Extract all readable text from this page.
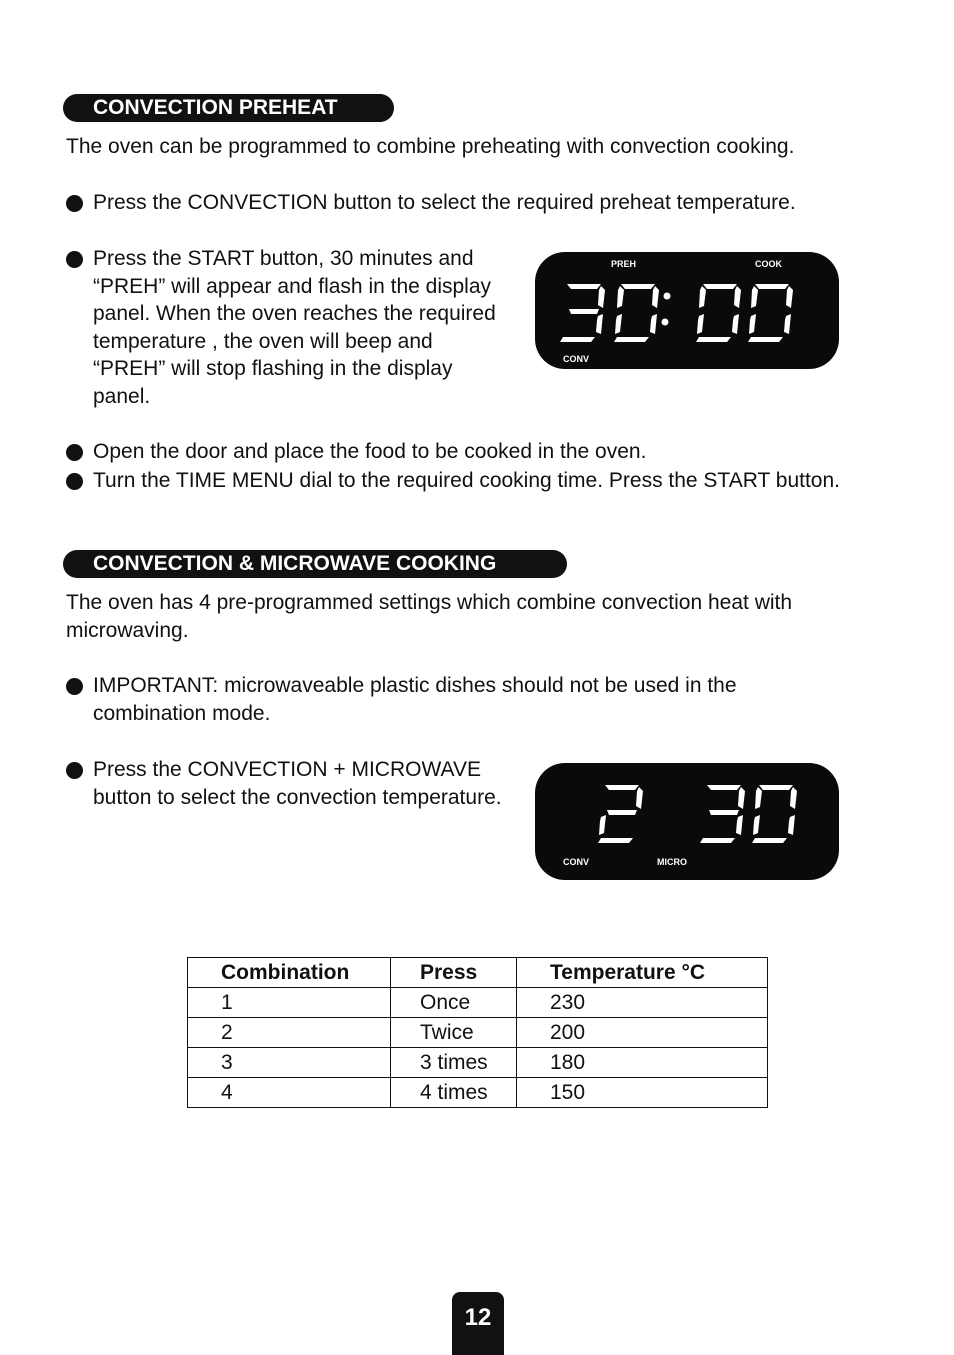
CONVECTION PREHEAT

The oven can be programmed to combine preheating with convection cooking.

Press the CONVECTION button to select the required preheat temperature.
Press the START button, 30 minutes and “PREH” will appear and flash in the display panel. When the oven reaches the required temperature , the oven will beep and “PREH” will stop flashing in the display panel.
PREH	COOK
CONV
Open the door and place the food to be cooked in the oven.
Turn the TIME MENU dial to the required cooking time. Press the START button.
CONVECTION & MICROWAVE COOKING

The oven has 4 pre-programmed settings which combine convection heat with microwaving.

IMPORTANT: microwaveable plastic dishes should not be used in the combination mode.
Press the CONVECTION + MICROWAVE button to select the convection temperature.
CONV	MICRO
Combination	Press	Temperature °C
1	Once	230
2	Twice	200
3	3 times	180
4	4 times	150
12
